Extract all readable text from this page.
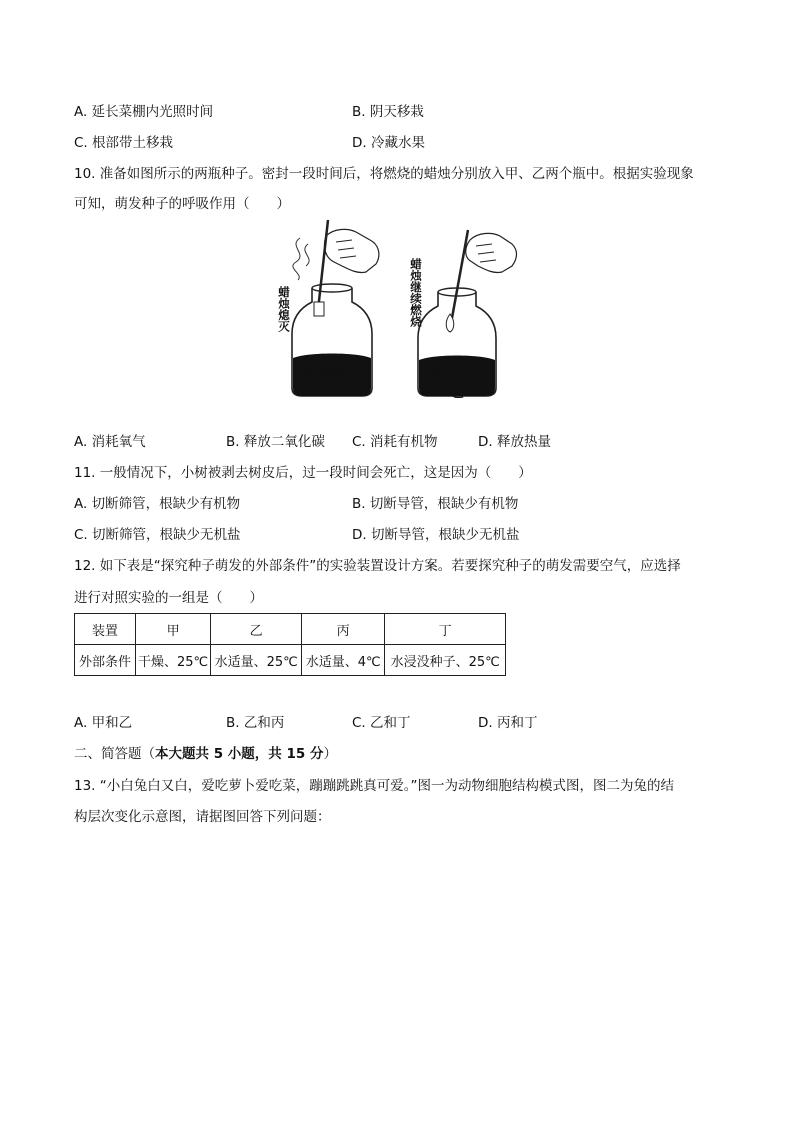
A. 延长菜棚内光照时间	B. 阴天移栽
C. 根部带土移栽	D. 冷藏水果
10. 准备如图所示的两瓶种子。密封一段时间后，将燃烧的蜡烛分别放入甲、乙两个瓶中。根据实验现象
可知，萌发种子的呼吸作用（　　）
蜡烛熄灭	蜡烛继续燃烧
萌发的种子
甲
煮熟的种子
乙
A. 消耗氧气	B. 释放二氧化碳 C. 消耗有机物	D. 释放热量
11. 一般情况下，小树被剥去树皮后，过一段时间会死亡，这是因为（　　）
A. 切断筛管，根缺少有机物	B. 切断导管，根缺少有机物
C. 切断筛管，根缺少无机盐	D. 切断导管，根缺少无机盐
12. 如下表是“探究种子萌发的外部条件”的实验装置设计方案。若要探究种子的萌发需要空气，应选择
进行对照实验的一组是（　　）
装置	甲	乙	丙	丁
外部条件	干燥、25℃	水适量、25℃	水适量、4℃	水浸没种子、25℃
A. 甲和乙	B. 乙和丙	C. 乙和丁	D. 丙和丁
二、简答题（本大题共 5 小题，共 15 分）
13. “小白兔白又白，爱吃萝卜爱吃菜，蹦蹦跳跳真可爱。”图一为动物细胞结构模式图，图二为兔的结
构层次变化示意图，请据图回答下列问题：
